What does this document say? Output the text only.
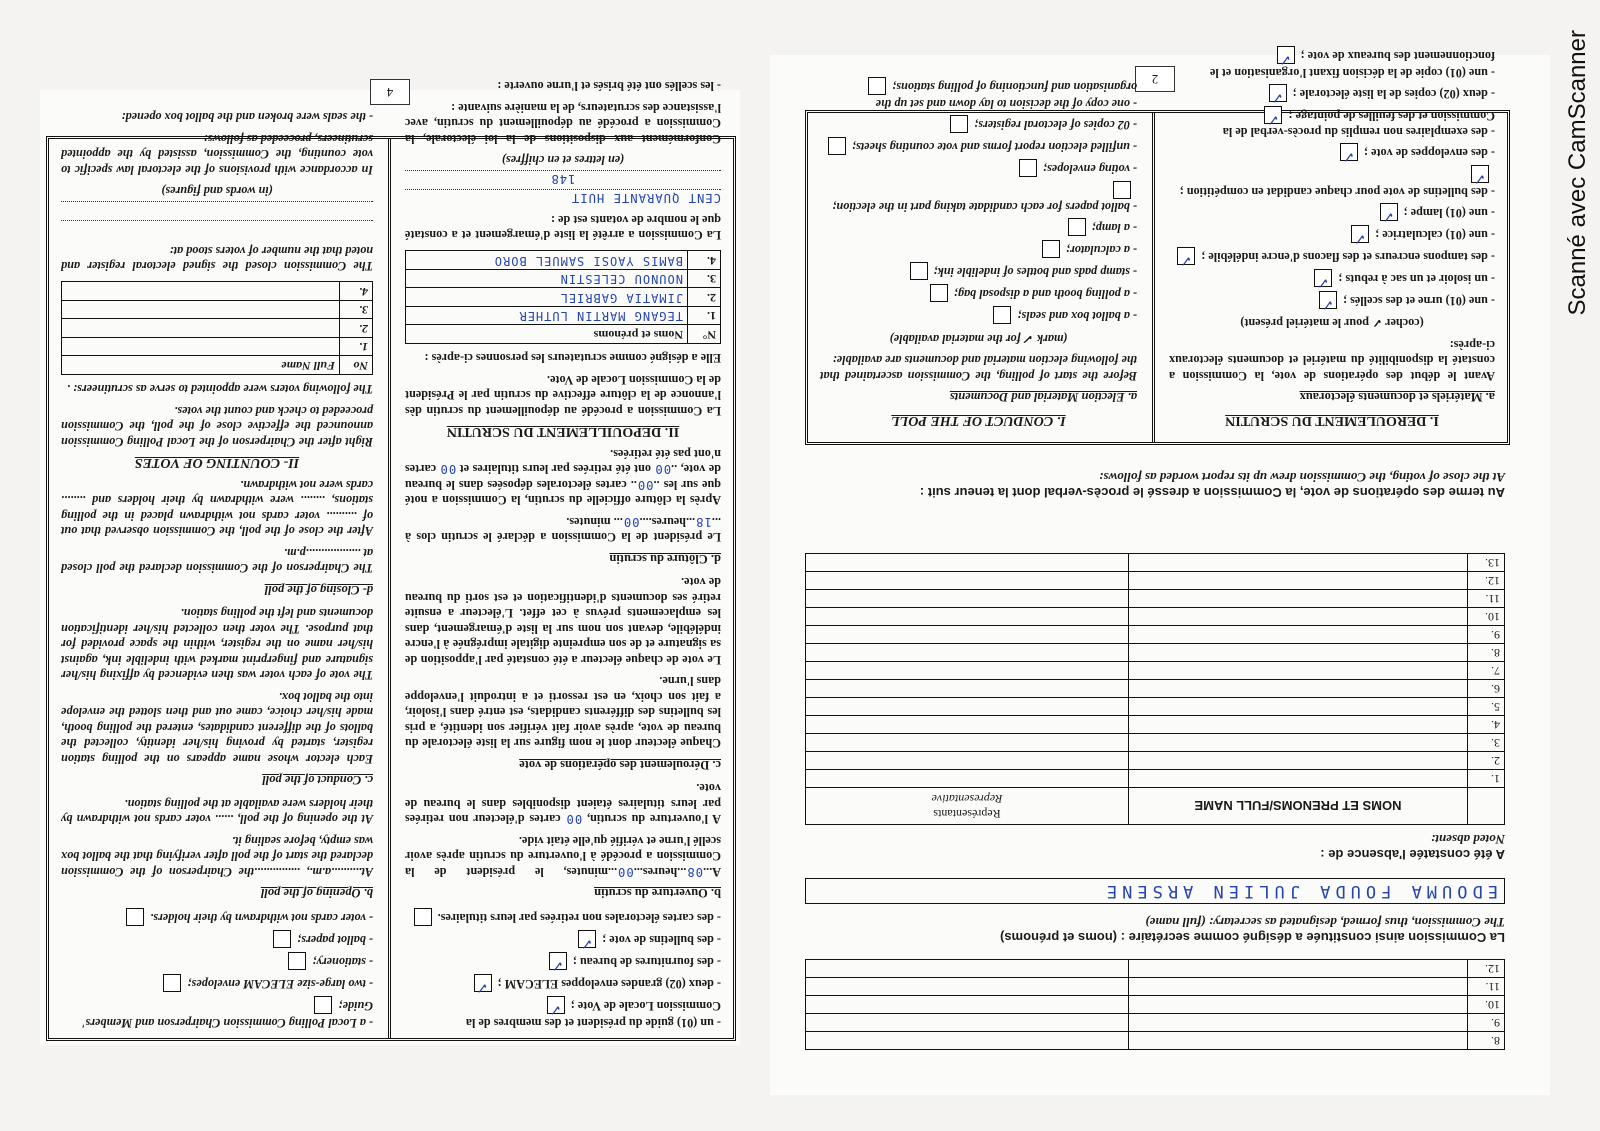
4
- un (01) guide du président et des membres de la Commission Locale de Vote ;✓
- deux (02) grandes enveloppes ELECAM ;✓
- des fournitures de bureau ;✓
- des bulletins de vote ;✓
- des cartes électorales non retirées par leurs titulaires.
b. Ouverture du scrutin

A...08...heures...00...minutes, le président de la Commission a procédé à l'ouverture du scrutin après avoir scellé l'urne et vérifié qu'elle était vide.

A l'ouverture du scrutin, 00 cartes d'électeur non retirées par leurs titulaires étaient disponibles dans le bureau de vote.

c. Déroulement des opérations de vote

Chaque électeur dont le nom figure sur la liste électorale du bureau de vote, après avoir fait vérifier son identité, a pris les bulletins des différents candidats, est entré dans l'isoloir, a fait son choix, en est ressorti et a introduit l'enveloppe dans l'urne.

Le vote de chaque électeur a été constaté par l'apposition de sa signature et de son empreinte digitale imprégnée à l'encre indélébile, devant son nom sur la liste d'émargement, dans les emplacements prévus à cet effet. L'électeur a ensuite retiré ses documents d'identification et est sorti du bureau de vote.

d. Clôture du scrutin

Le président de la Commission a déclaré le scrutin clos à ...18...heures....00... minutes.

Après la clôture officielle du scrutin, la Commission a noté que sur les ..00.. cartes électorales déposées dans le bureau de vote, ..00 ont été retirées par leurs titulaires et 00 cartes n'ont pas été retirées.

II. DEPOUILLEMENT DU SCRUTIN

La Commission a procédé au dépouillement du scrutin dès l'annonce de la clôture effective du scrutin par le Président de la Commission Locale de Vote.

Elle a désigné comme scrutateurs les personnes ci-après :

N°	Noms et prénoms
1.	TEGANG MARTIN LUTHER
2.	JIMATIA GABRIEL
3.	NOUNOU CELESTIN
4.	BAMIS YAOSI SAMUEL BORO

La Commission a arrêté la liste d'émargement et a constaté que le nombre de votants est de :

CENT QUARANTE HUIT
148

(en lettres et en chiffres)

Conformément aux dispositions de la loi électorale, la Commission a procédé au dépouillement du scrutin, avec l'assistance des scrutateurs, de la manière suivante :

- les scellés ont été brisés et l'urne ouverte :

- a Local Polling Commission Chairperson and Members' Guide;
- two large-size ELECAM envelopes;
- stationery;
- ballot papers;
- voter cards not withdrawn by their holders.
b. Opening of the poll

At..........a.m., ...............the Chairperson of the Commission declared the start of the poll after verifying that the ballot box was empty, before sealing it.

At the opening of the poll, ...... voter cards not withdrawn by their holders were available at the polling station.

c. Conduct of the poll

Each elector whose name appears on the polling station register, started by proving his/her identity, collected the ballots of the different candidates, entered the polling booth, made his/her choice, came out and then slotted the envelope into the ballot box.

The vote of each voter was then evidenced by affixing his/her signature and fingerprint marked with indelible ink, against his/her name on the register, within the space provided for that purpose. The voter then collected his/her identification documents and left the polling station.

d- Closing of the poll

The Chairperson of the Commission declared the poll closed at ..................p.m.

After the close of the poll, the Commission observed that out of .......... voter cards not withdrawn placed in the polling stations, ........ were withdrawn by their holders and ........ cards were not withdrawn.

II- COUNTING OF VOTES

Right after the Chairperson of the Local Polling Commission announced the effective close of the poll, the Commission proceeded to check and count the votes.

The following voters were appointed to serve as scrutineers: .

No	Full Name
1.	
2.	
3.	
4.	

The Commission closed the signed electoral register and noted that the number of voters stood at:

(in words and figures)

In accordance with provisions of the electoral law specific to vote counting, the Commission, assisted by the appointed scrutineers, proceeded as follows:

- the seals were broken and the ballot box opened:

2
8.		
9.		
10.		
11.		
12.		
La Commission ainsi constituée a désigné comme secrétaire : (noms et prénoms)
The Commission, thus formed, designated as secretary: (full name)
EDOUMA FOUDA JULIEN ARSENE
A été constatée l'absence de :
Noted absent:
	NOMS ET PRENOMS/FULL NAME	Représentants
Representative
1.		
2.		
3.		
4.		
5.		
6.		
7.		
8.		
9.		
10.		
11.		
12.		
13.		
Au terme des opérations de vote, la Commission a dressé le procès-verbal dont la teneur suit :
At the close of voting, the Commission drew up its report worded as follows:
I. DEROULEMENT DU SCRUTIN
a. Matériels et documents électoraux

Avant le début des opérations de vote, la Commission a constaté la disponibilité du matériel et documents électoraux ci-après:

(cocher ✓ pour le matériel présent)

- une (01) urne et des scellés ;✓
- un isoloir et un sac à rebuts ;✓
- des tampons encreurs et des flacons d'encre indélébile ;✓
- une (01) calculatrice ;✓
- une (01) lampe ;✓
- des bulletins de vote pour chaque candidat en compétition ;✓
- des enveloppes de vote ;✓
- des exemplaires non remplis du procès-verbal de la Commission et des feuilles de pointage ;✓
- deux (02) copies de la liste électorale ;✓
- une (01) copie de la décision fixant l'organisation et le fonctionnement des bureaux de vote ;✓
I. CONDUCT OF THE POLL
a. Election Material and Documents

Before the start of polling, the Commission ascertained that the following election material and documents are available:

(mark ✓ for the material available)

- a ballot box and seals;
- a polling booth and a disposal bag;
- stamp pads and bottles of indelible ink;
- a calculator;
- a lamp;
- ballot papers for each candidate taking part in the election;
- voting envelopes;
- unfilled election report forms and vote counting sheets;
- 02 copies of electoral registers;
- one copy of the decision to lay down and set up the organisation and functioning of polling stations;	Scanné avec CamScanner
